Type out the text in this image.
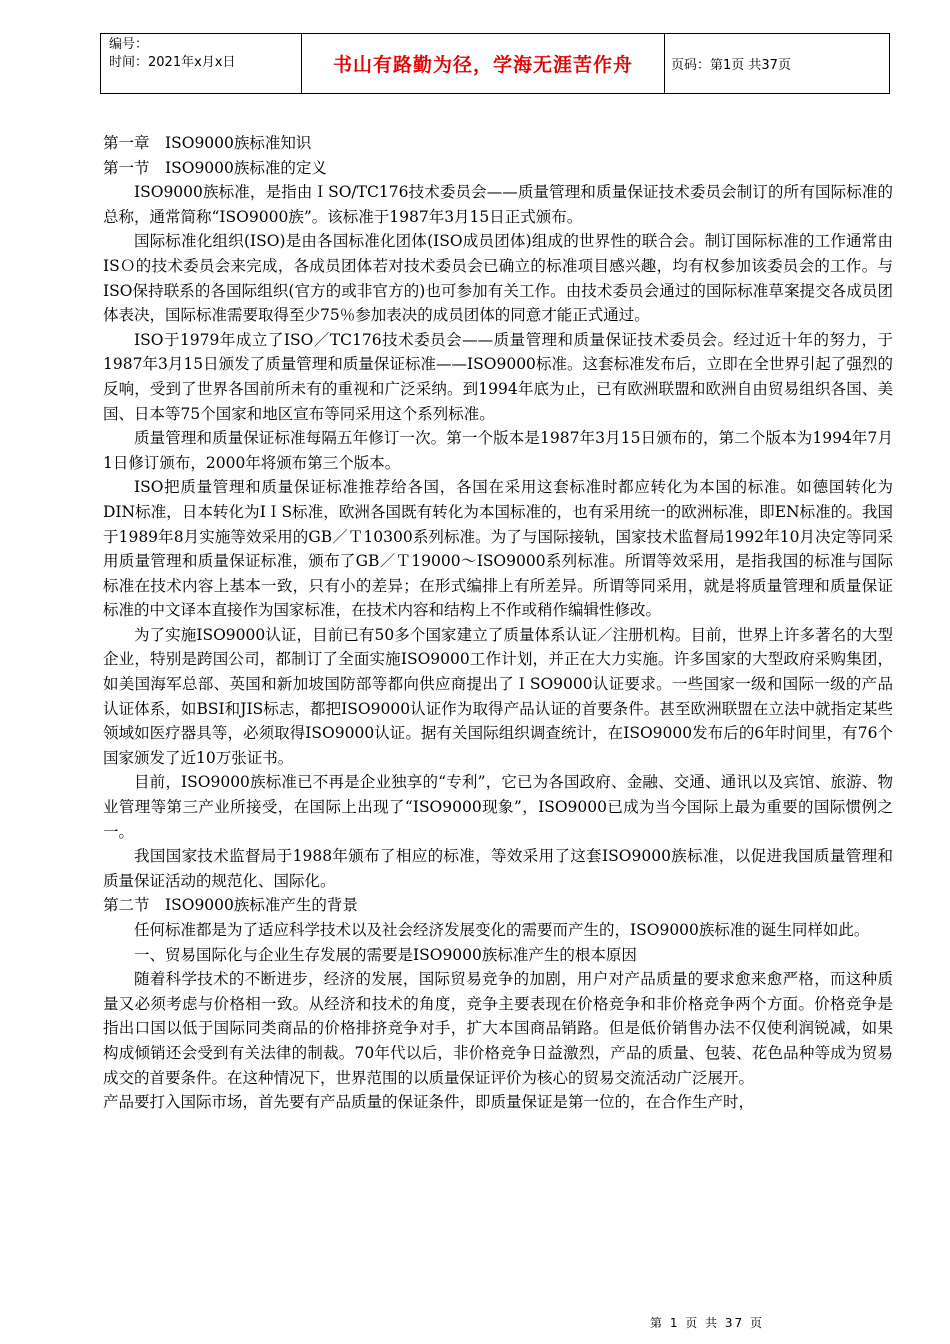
编号：
时间：2021年x月x日	书山有路勤为径，学海无涯苦作舟	页码：第1页 共37页

第一章　ISO9000族标准知识

第一节　ISO9000族标准的定义

ISO9000族标准，是指由ＩSO/TC176技术委员会——质量管理和质量保证技术委员会制订的所有国际标准的总称，通常简称“ISO9000族”。该标准于1987年3月15日正式颁布。

国际标准化组织(ISO)是由各国标准化团体(ISO成员团体)组成的世界性的联合会。制订国际标准的工作通常由ISＯ的技术委员会来完成，各成员团体若对技术委员会已确立的标准项目感兴趣，均有权参加该委员会的工作。与ISO保持联系的各国际组织(官方的或非官方的)也可参加有关工作。由技术委员会通过的国际标准草案提交各成员团体表决，国际标准需要取得至少75％参加表决的成员团体的同意才能正式通过。

ISO于1979年成立了ISO／TC176技术委员会——质量管理和质量保证技术委员会。经过近十年的努力，于1987年3月15日颁发了质量管理和质量保证标准——ISO9000标准。这套标准发布后，立即在全世界引起了强烈的反响，受到了世界各国前所未有的重视和广泛采纳。到1994年底为止，已有欧洲联盟和欧洲自由贸易组织各国、美国、日本等75个国家和地区宣布等同采用这个系列标准。

质量管理和质量保证标准每隔五年修订一次。第一个版本是1987年3月15日颁布的，第二个版本为1994年7月1日修订颁布，2000年将颁布第三个版本。

ISO把质量管理和质量保证标准推荐给各国，各国在采用这套标准时都应转化为本国的标准。如德国转化为DIN标准，日本转化为IＩS标准，欧洲各国既有转化为本国标准的，也有采用统一的欧洲标准，即EN标准的。我国于1989年8月实施等效采用的GB／Ｔ10300系列标准。为了与国际接轨，国家技术监督局1992年10月决定等同采用质量管理和质量保证标准，颁布了GB／Ｔ19000～ISO9000系列标准。所谓等效采用，是指我国的标准与国际标准在技术内容上基本一致，只有小的差异；在形式编排上有所差异。所谓等同采用，就是将质量管理和质量保证标准的中文译本直接作为国家标准，在技术内容和结构上不作或稍作编辑性修改。

为了实施ISO9000认证，目前已有50多个国家建立了质量体系认证／注册机构。目前，世界上许多著名的大型企业，特别是跨国公司，都制订了全面实施ISO9000工作计划，并正在大力实施。许多国家的大型政府采购集团，如美国海军总部、英国和新加坡国防部等都向供应商提出了ＩSO9000认证要求。一些国家一级和国际一级的产品认证体系，如BSI和JIS标志，都把ISO9000认证作为取得产品认证的首要条件。甚至欧洲联盟在立法中就指定某些领域如医疗器具等，必须取得ISO9000认证。据有关国际组织调查统计，在ISO9000发布后的6年时间里，有76个国家颁发了近10万张证书。

目前，ISO9000族标准已不再是企业独享的“专利”，它已为各国政府、金融、交通、通讯以及宾馆、旅游、物业管理等第三产业所接受，在国际上出现了“ISO9000现象”，ISO9000已成为当今国际上最为重要的国际惯例之一。

我国国家技术监督局于1988年颁布了相应的标准，等效采用了这套ISO9000族标准，以促进我国质量管理和质量保证活动的规范化、国际化。

第二节　ISO9000族标准产生的背景

任何标准都是为了适应科学技术以及社会经济发展变化的需要而产生的，ISO9000族标准的诞生同样如此。

一、贸易国际化与企业生存发展的需要是ISO9000族标准产生的根本原因

随着科学技术的不断进步，经济的发展，国际贸易竞争的加剧，用户对产品质量的要求愈来愈严格，而这种质量又必须考虑与价格相一致。从经济和技术的角度，竞争主要表现在价格竞争和非价格竞争两个方面。价格竞争是指出口国以低于国际同类商品的价格排挤竞争对手，扩大本国商品销路。但是低价销售办法不仅使利润锐减，如果构成倾销还会受到有关法律的制裁。70年代以后，非价格竞争日益激烈，产品的质量、包装、花色品种等成为贸易成交的首要条件。在这种情况下，世界范围的以质量保证评价为核心的贸易交流活动广泛展开。

产品要打入国际市场，首先要有产品质量的保证条件，即质量保证是第一位的，在合作生产时，

第 1 页 共 37 页
